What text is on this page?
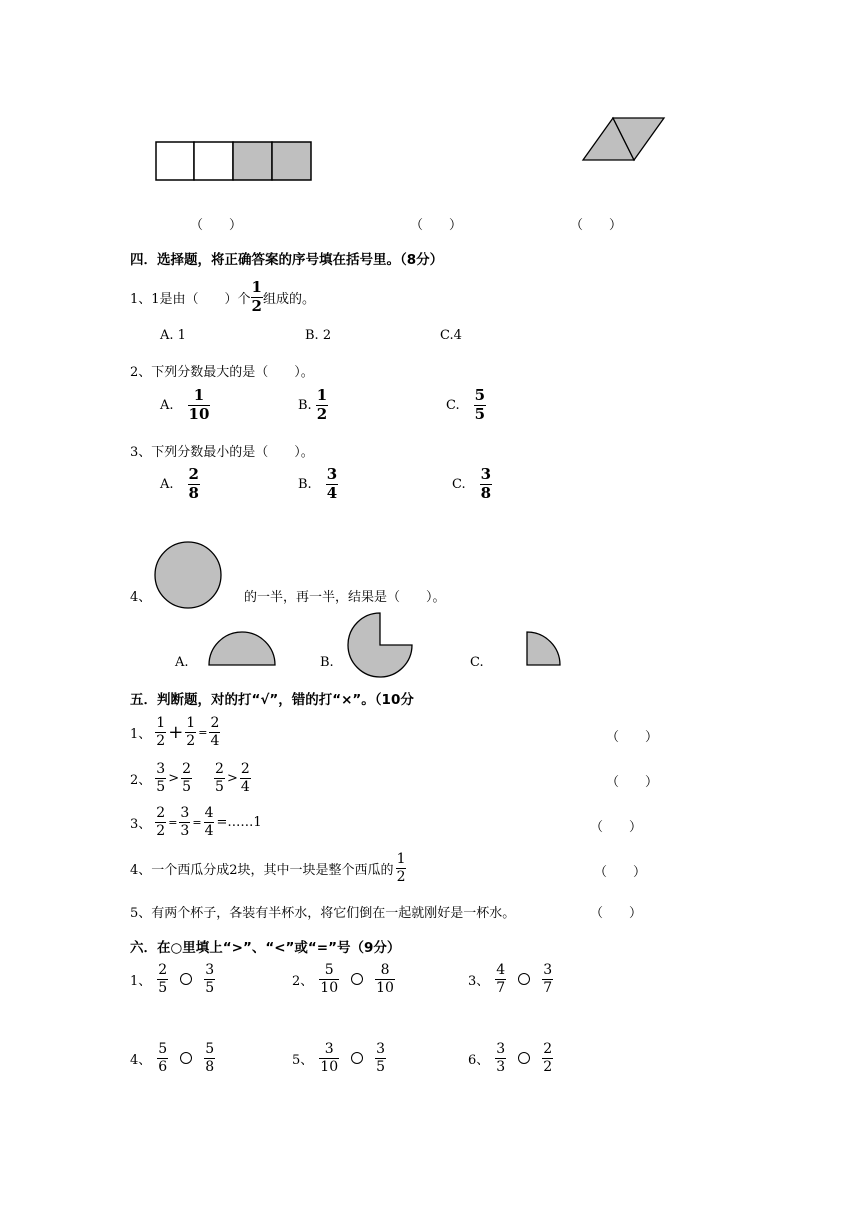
（　　）	（　　）	（　　）
四．选择题，将正确答案的序号填在括号里。（8分）
1、1是由（　　）个 $\frac{1}{2}$ 组成的。
A. 1	B. 2	C.4
2、下列分数最大的是（　　）。
A. $\frac{1}{10}$	B. $\frac{1}{2}$	C. $\frac{5}{5}$
3、下列分数最小的是（　　）。
A. $\frac{2}{8}$	B. $\frac{3}{4}$	C. $\frac{3}{8}$
4、	的一半，再一半，结果是（　　）。
A.	B.	C.
五．判断题，对的打“√”，错的打“×”。（10分
1、 $\frac{1}{2} + \frac{1}{2} = \frac{2}{4}$	（　　）
2、 $\frac{3}{5} > \frac{2}{5} \frac{2}{5} > \frac{2}{4}$	（　　）
3、 $\frac{2}{2} = \frac{3}{3} = \frac{4}{4}$ =……1	（　　）
4、 一个西瓜分成2块，其中一块是整个西瓜的 $\frac{1}{2}$	（　　）
5、有两个杯子，各装有半杯水，将它们倒在一起就刚好是一杯水。	（　　）
六．在○里填上“>”、“<”或“=”号（9分）
1、 $\frac{2}{5}$	$\frac{3}{5}$	2、 $\frac{5}{10}$	$\frac{8}{10}$	3、 $\frac{4}{7}$	$\frac{3}{7}$
4、 $\frac{5}{6}$	$\frac{5}{8}$	5、 $\frac{3}{10}$	$\frac{3}{5}$	6、 $\frac{3}{3}$	$\frac{2}{2}$
